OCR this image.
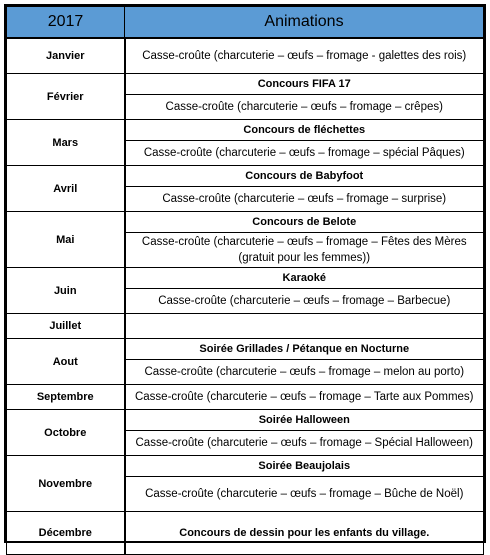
2017	Animations
Janvier	Casse-croûte (charcuterie – œufs – fromage - galettes des rois)
Février	Concours FIFA 17
	Casse-croûte (charcuterie – œufs – fromage – crêpes)
Mars	Concours de fléchettes
	Casse-croûte (charcuterie – œufs – fromage – spécial Pâques)
Avril	Concours de Babyfoot
	Casse-croûte (charcuterie – œufs – fromage – surprise)
Mai	Concours de Belote
	Casse-croûte (charcuterie – œufs – fromage – Fêtes des Mères (gratuit pour les femmes))
Juin	Karaoké
	Casse-croûte (charcuterie – œufs – fromage – Barbecue)
Juillet	
Aout	Soirée Grillades / Pétanque en Nocturne
	Casse-croûte (charcuterie – œufs – fromage – melon au porto)
Septembre	Casse-croûte (charcuterie – œufs – fromage – Tarte aux Pommes)
Octobre	Soirée Halloween
	Casse-croûte (charcuterie – œufs – fromage – Spécial Halloween)
Novembre	Soirée Beaujolais
	Casse-croûte (charcuterie – œufs – fromage – Bûche de Noël)
Décembre	Concours de dessin pour les enfants du village.
